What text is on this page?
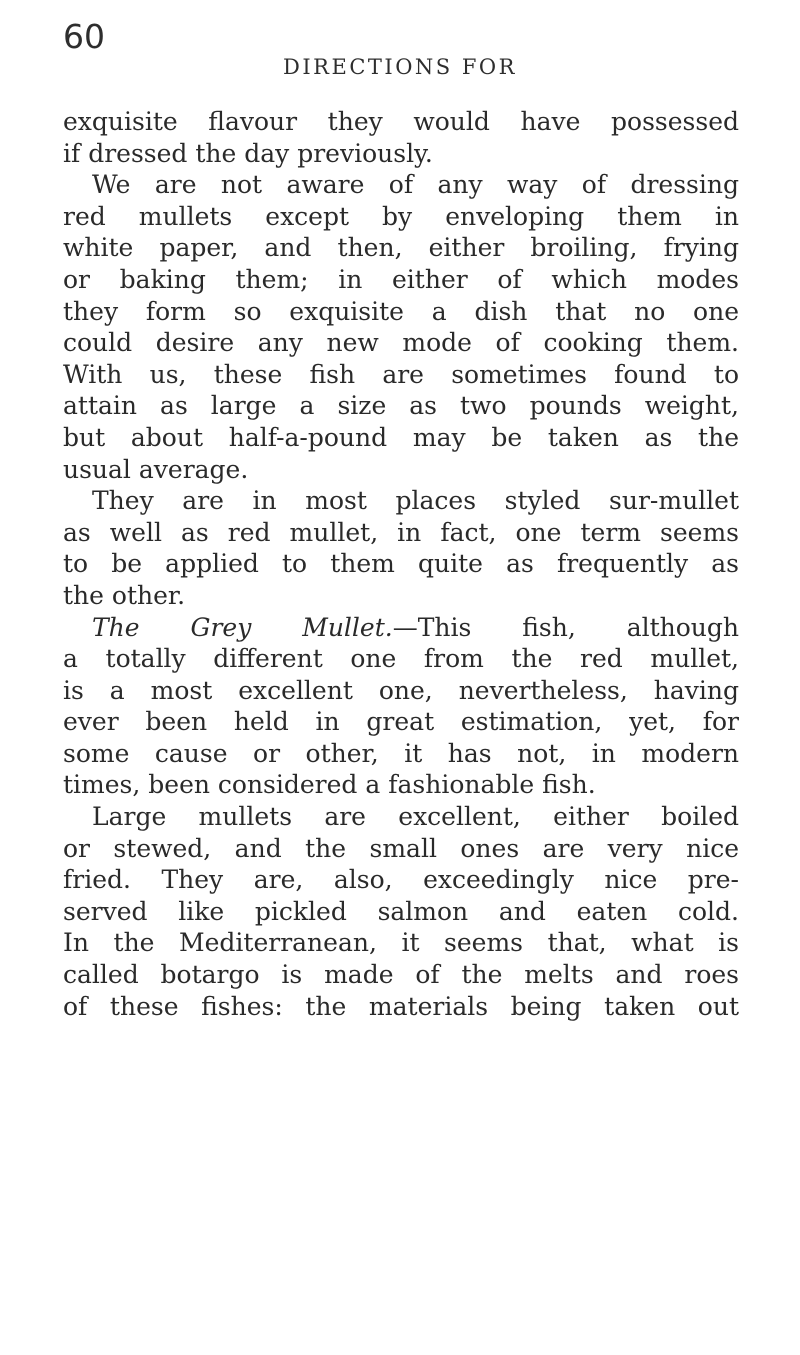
60
DIRECTIONS FOR
exquisite flavour they would have possessed
if dressed the day previously.
We are not aware of any way of dressing
red mullets except by enveloping them in
white paper, and then, either broiling, frying
or baking them; in either of which modes
they form so exquisite a dish that no one
could desire any new mode of cooking them.
With us, these fish are sometimes found to
attain as large a size as two pounds weight,
but about half-a-pound may be taken as the
usual average.
They are in most places styled sur-mullet
as well as red mullet, in fact, one term seems
to be applied to them quite as frequently as
the other.
The Grey Mullet.—This fish, although
a totally different one from the red mullet,
is a most excellent one, nevertheless, having
ever been held in great estimation, yet, for
some cause or other, it has not, in modern
times, been considered a fashionable fish.
Large mullets are excellent, either boiled
or stewed, and the small ones are very nice
fried. They are, also, exceedingly nice pre-
served like pickled salmon and eaten cold.
In the Mediterranean, it seems that, what is
called botargo is made of the melts and roes
of these fishes: the materials being taken out
